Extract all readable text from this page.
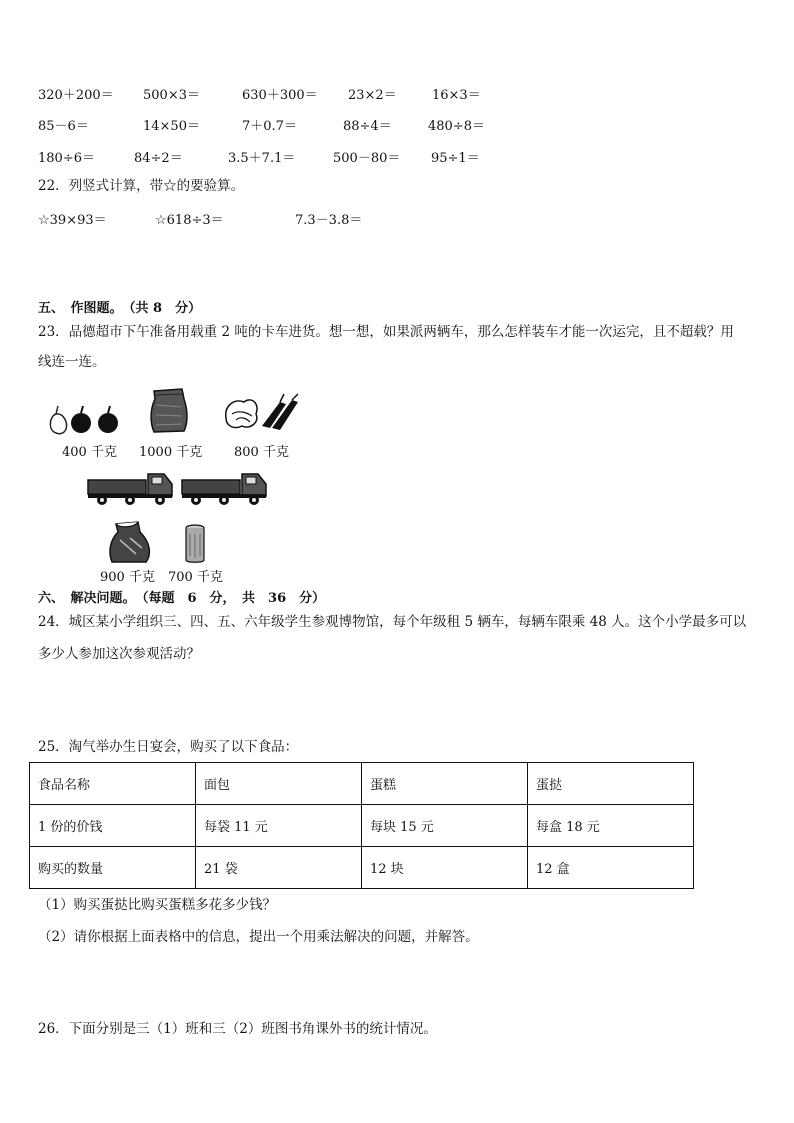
320＋200＝ 500×3＝	630＋300＝ 23×2＝	16×3＝
85－6＝	14×50＝	7＋0.7＝	88÷4＝	480÷8＝
180÷6＝	84÷2＝	3.5＋7.1＝	500－80＝ 95÷1＝
22．列竖式计算，带☆的要验算。
☆39×93＝	☆618÷3＝	7.3－3.8＝
五、　作图题。　（共 8　分）
23．品德超市下午准备用载重 2 吨的卡车进货。想一想，如果派两辆车，那么怎样装车才能一次运完，且不超载？用
线连一连。
400 千克 1000 千克 800 千克
900 千克 700 千克
六、　解决问题。　（每题　6　分，　共　36　分）
24．城区某小学组织三、四、五、六年级学生参观博物馆，每个年级租 5 辆车，每辆车限乘 48 人。这个小学最多可以
多少人参加这次参观活动？
25．淘气举办生日宴会，购买了以下食品：
食品名称	面包	蛋糕	蛋挞
1 份的价钱	每袋 11 元	每块 15 元	每盒 18 元
购买的数量	21 袋	12 块	12 盒
（1）购买蛋挞比购买蛋糕多花多少钱？
（2）请你根据上面表格中的信息，提出一个用乘法解决的问题，并解答。
26．下面分别是三（1）班和三（2）班图书角课外书的统计情况。
